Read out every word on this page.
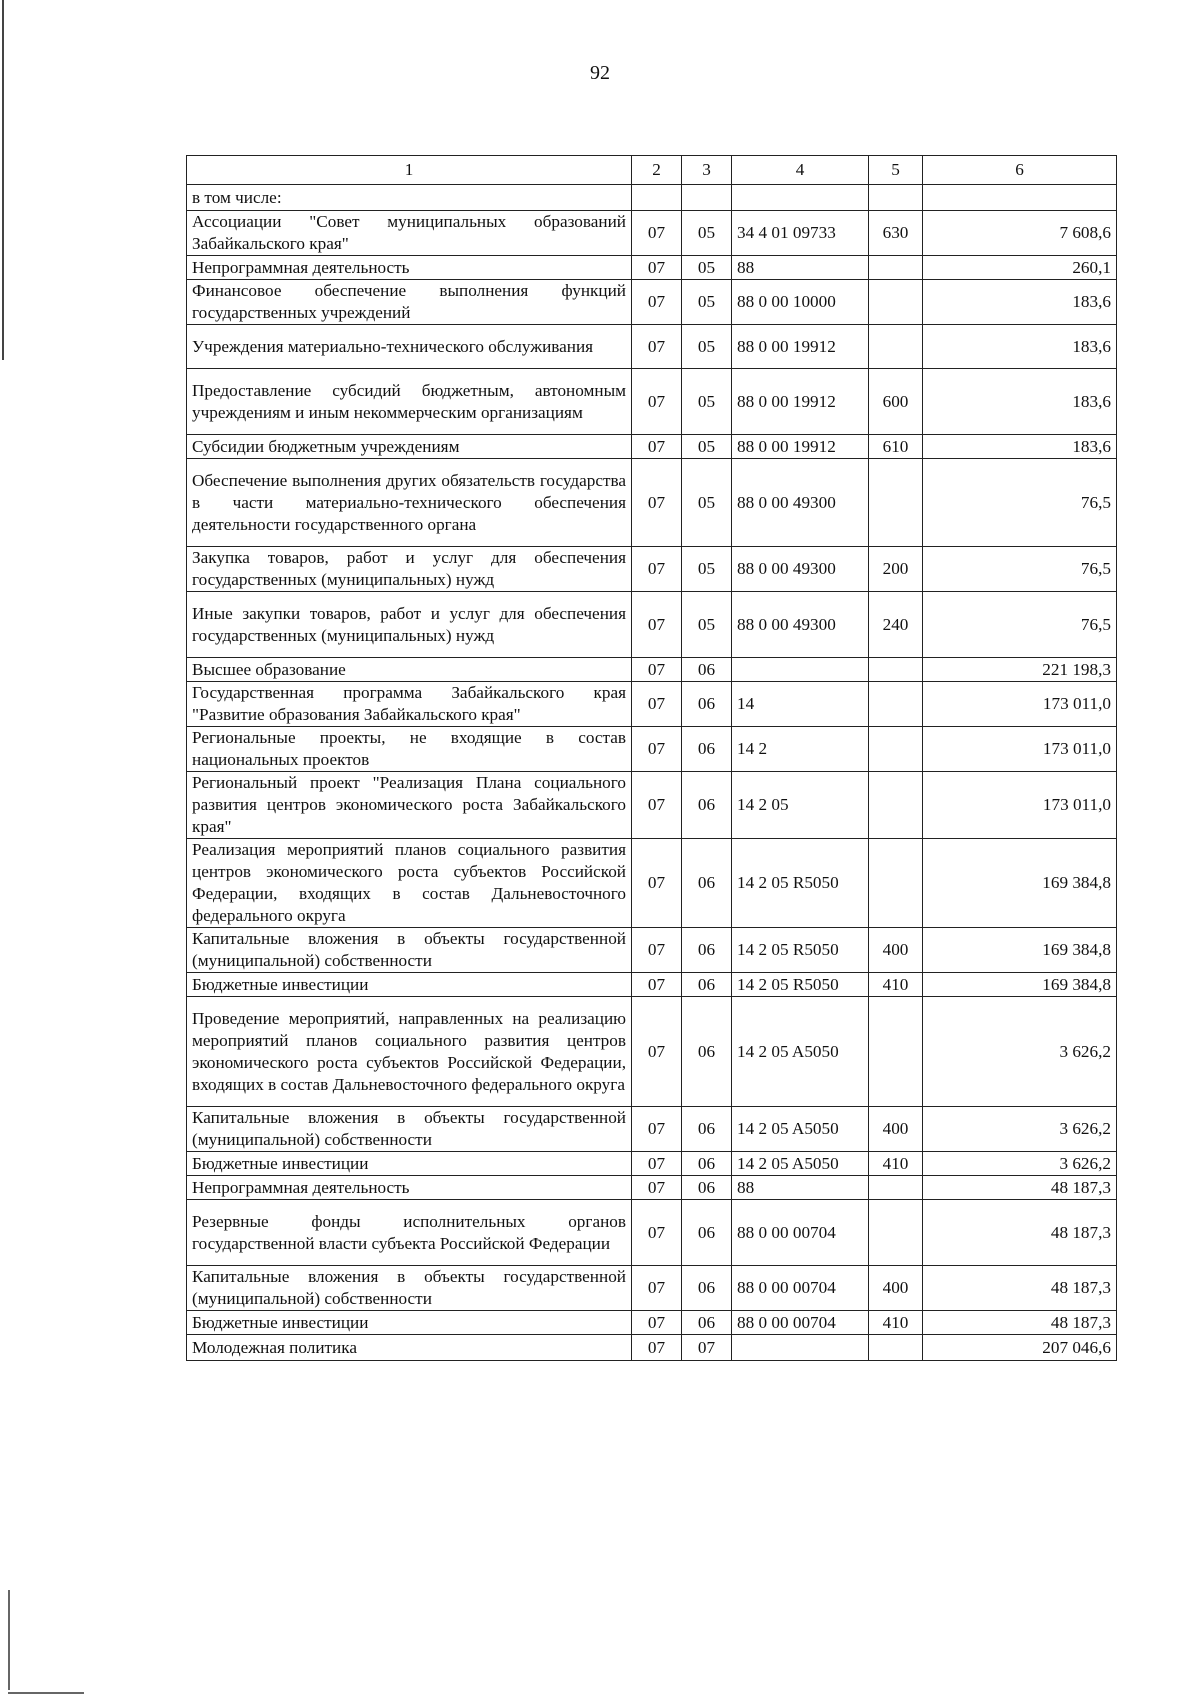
92
1	2	3	4	5	6
в том числе:					
Ассоциации "Совет муниципальных образований Забайкальского края"	07	05	34 4 01 09733	630	7 608,6
Непрограммная деятельность	07	05	88		260,1
Финансовое обеспечение выполнения функций государственных учреждений	07	05	88 0 00 10000		183,6
Учреждения материально-технического обслуживания	07	05	88 0 00 19912		183,6
Предоставление субсидий бюджетным, автономным учреждениям и иным некоммерческим организациям	07	05	88 0 00 19912	600	183,6
Субсидии бюджетным учреждениям	07	05	88 0 00 19912	610	183,6
Обеспечение выполнения других обязательств государства в части материально-технического обеспечения деятельности государственного органа	07	05	88 0 00 49300		76,5
Закупка товаров, работ и услуг для обеспечения государственных (муниципальных) нужд	07	05	88 0 00 49300	200	76,5
Иные закупки товаров, работ и услуг для обеспечения государственных (муниципальных) нужд	07	05	88 0 00 49300	240	76,5
Высшее образование	07	06			221 198,3
Государственная программа Забайкальского края "Развитие образования Забайкальского края"	07	06	14		173 011,0
Региональные проекты, не входящие в состав национальных проектов	07	06	14 2		173 011,0
Региональный проект "Реализация Плана социального развития центров экономического роста Забайкальского края"	07	06	14 2 05		173 011,0
Реализация мероприятий планов социального развития центров экономического роста субъектов Российской Федерации, входящих в состав Дальневосточного федерального округа	07	06	14 2 05 R5050		169 384,8
Капитальные вложения в объекты государственной (муниципальной) собственности	07	06	14 2 05 R5050	400	169 384,8
Бюджетные инвестиции	07	06	14 2 05 R5050	410	169 384,8
Проведение мероприятий, направленных на реализацию мероприятий планов социального развития центров экономического роста субъектов Российской Федерации, входящих в состав Дальневосточного федерального округа	07	06	14 2 05 A5050		3 626,2
Капитальные вложения в объекты государственной (муниципальной) собственности	07	06	14 2 05 A5050	400	3 626,2
Бюджетные инвестиции	07	06	14 2 05 A5050	410	3 626,2
Непрограммная деятельность	07	06	88		48 187,3
Резервные фонды исполнительных органов государственной власти субъекта Российской Федерации	07	06	88 0 00 00704		48 187,3
Капитальные вложения в объекты государственной (муниципальной) собственности	07	06	88 0 00 00704	400	48 187,3
Бюджетные инвестиции	07	06	88 0 00 00704	410	48 187,3
Молодежная политика	07	07			207 046,6
